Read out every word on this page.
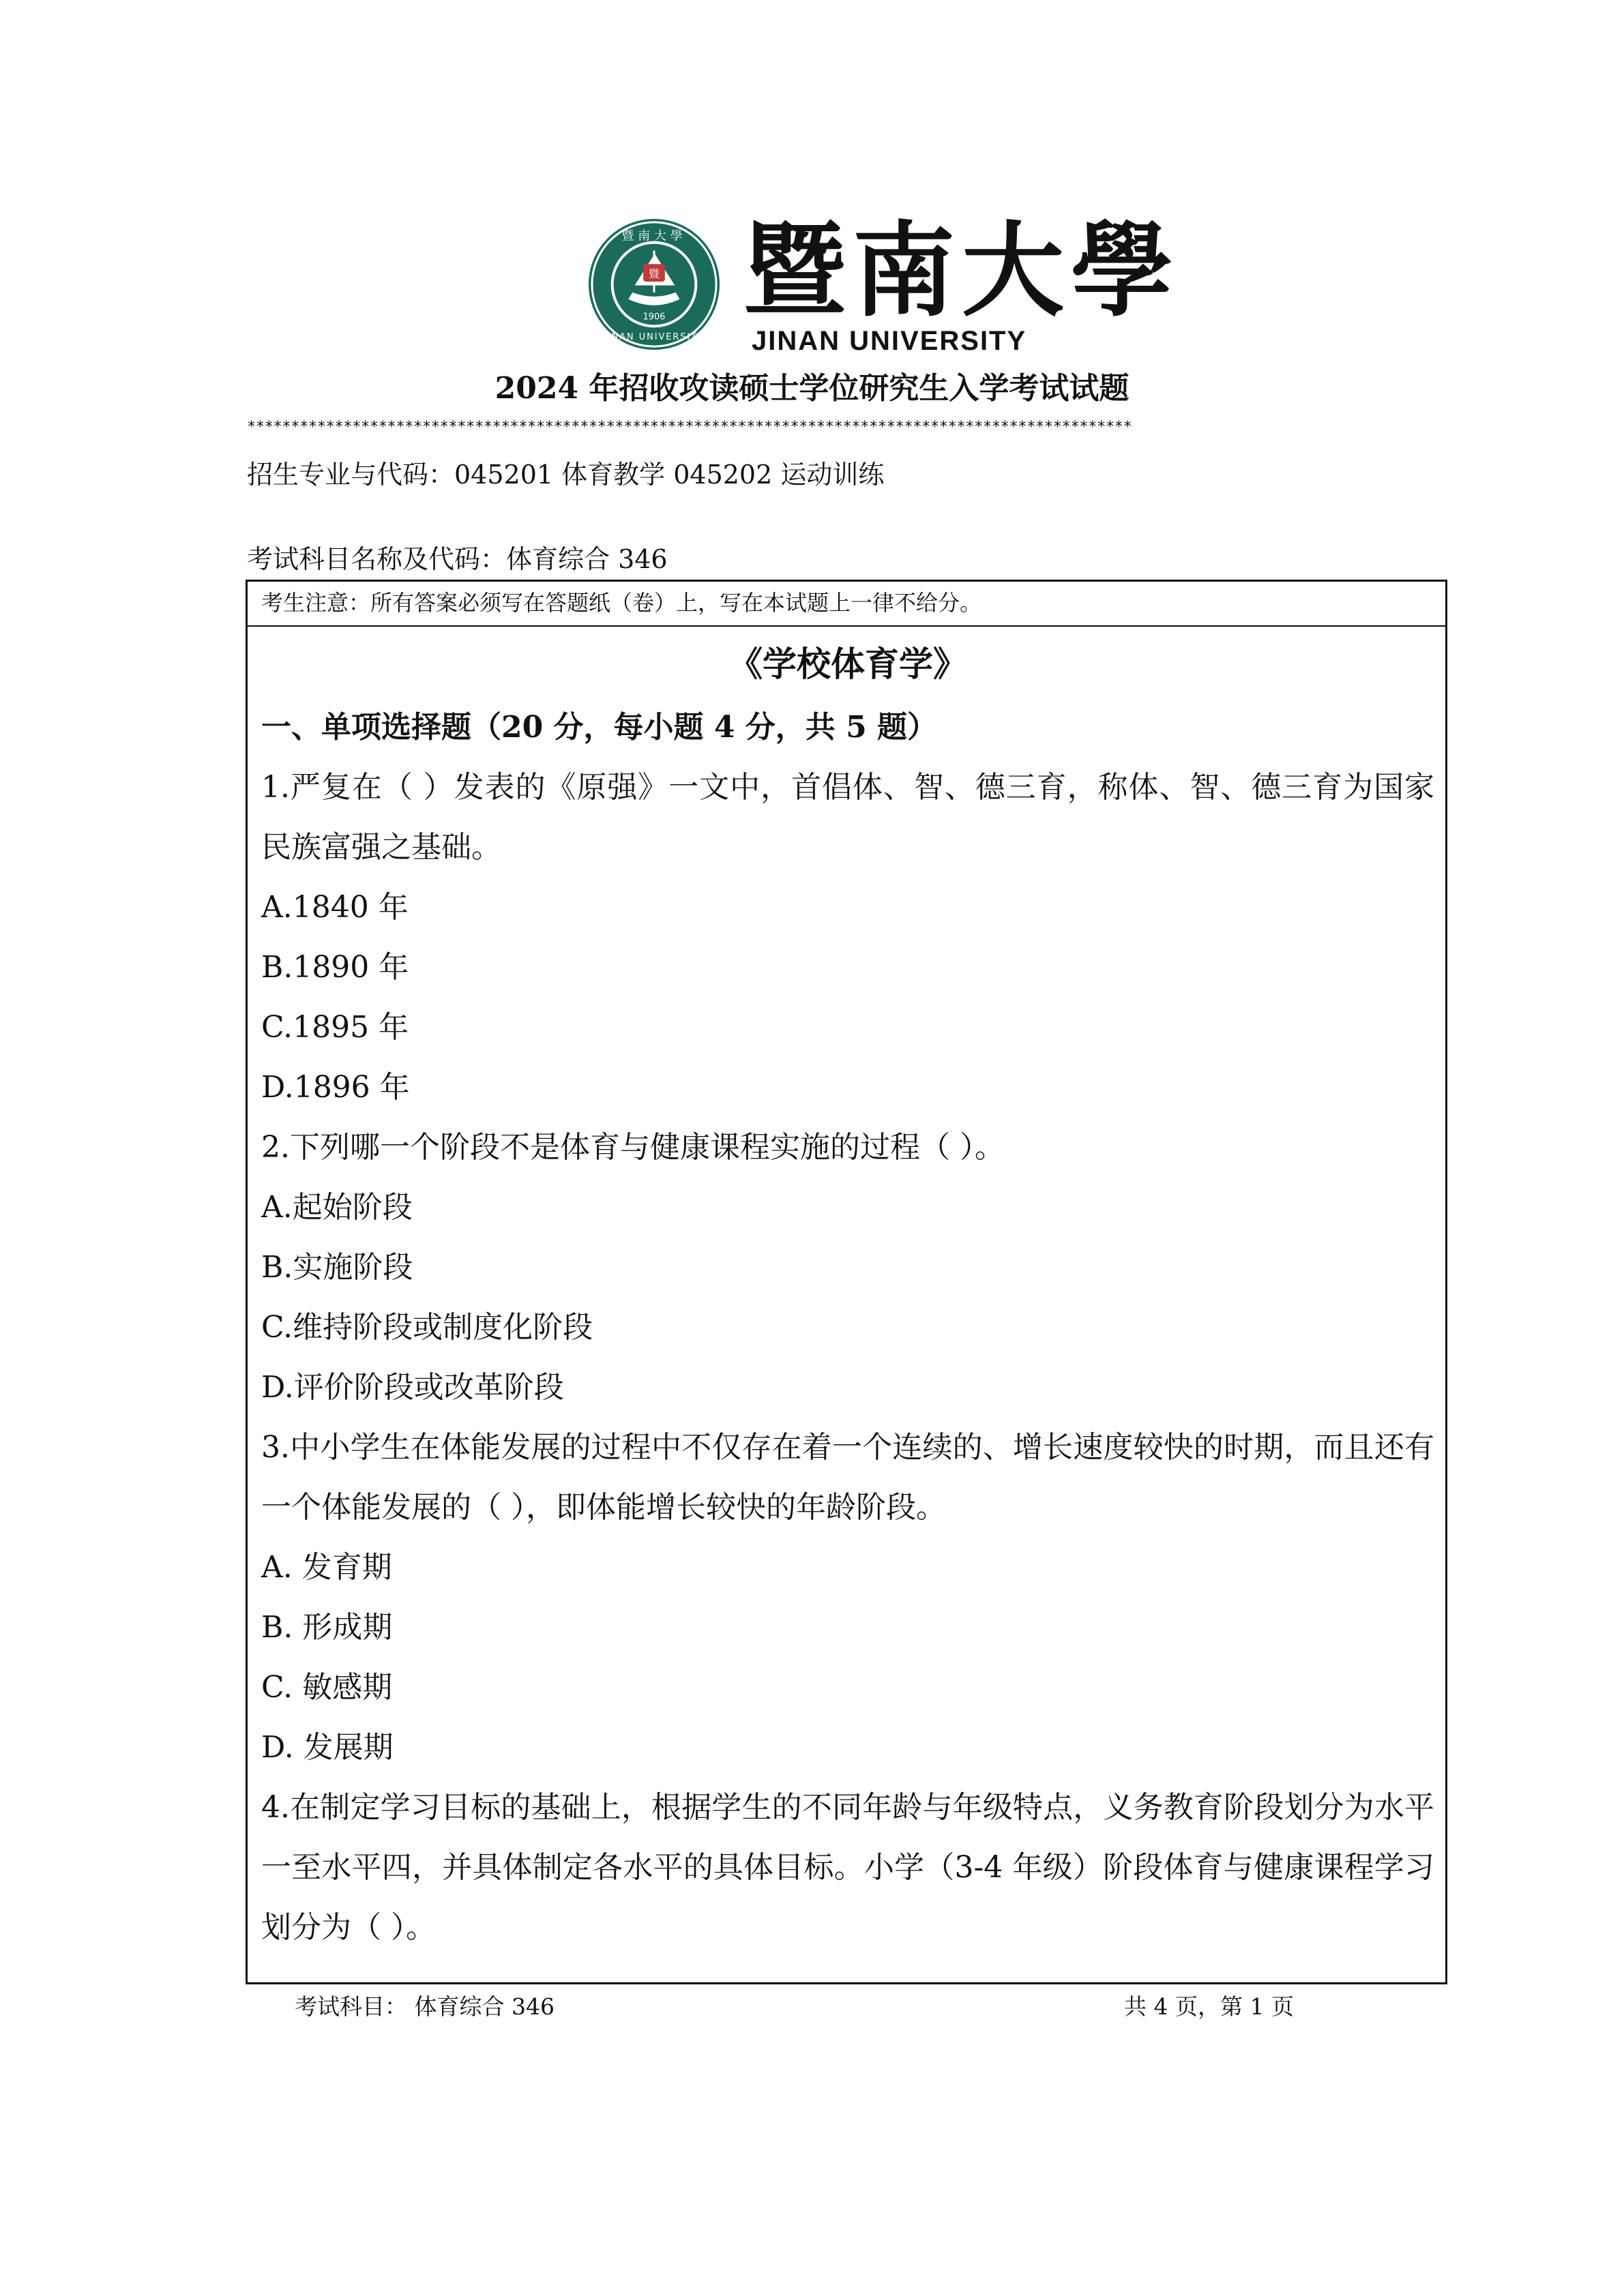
暨
1906
暨南大學
JINAN UNIVERSITY
暨南大學
JINAN UNIVERSITY
2024 年招收攻读硕士学位研究生入学考试试题
*****************************************************************************************************
招生专业与代码：045201 体育教学 045202 运动训练
考试科目名称及代码：体育综合 346
考生注意：所有答案必须写在答题纸（卷）上，写在本试题上一律不给分。
《学校体育学》
一、单项选择题（20 分，每小题 4 分，共 5 题）
1.严复在（ ）发表的《原强》一文中，首倡体、智、德三育，称体、智、德三育为国家民族富强之基础。
A.1840 年
B.1890 年
C.1895 年
D.1896 年
2.下列哪一个阶段不是体育与健康课程实施的过程（ ）。
A.起始阶段
B.实施阶段
C.维持阶段或制度化阶段
D.评价阶段或改革阶段
3.中小学生在体能发展的过程中不仅存在着一个连续的、增长速度较快的时期，而且还有一个体能发展的（ ），即体能增长较快的年龄阶段。
A. 发育期
B. 形成期
C. 敏感期
D. 发展期
4.在制定学习目标的基础上，根据学生的不同年龄与年级特点，义务教育阶段划分为水平一至水平四，并具体制定各水平的具体目标。小学（3-4 年级）阶段体育与健康课程学习划分为（ ）。
考试科目： 体育综合 346	共 4 页，第 1 页
